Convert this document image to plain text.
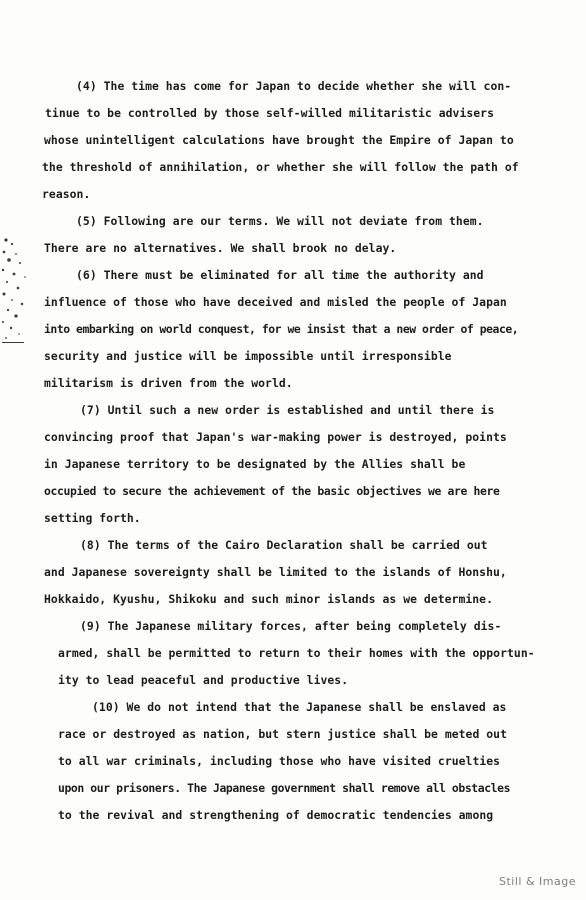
(4) The time has come for Japan to decide whether she will con-
tinue to be controlled by those self-willed militaristic advisers
whose unintelligent calculations have brought the Empire of Japan to
the threshold of annihilation, or whether she will follow the path of
reason.
(5) Following are our terms. We will not deviate from them.
There are no alternatives. We shall brook no delay.
(6) There must be eliminated for all time the authority and
influence of those who have deceived and misled the people of Japan
into embarking on world conquest, for we insist that a new order of peace,
security and justice will be impossible until irresponsible
militarism is driven from the world.
(7) Until such a new order is established and until there is
convincing proof that Japan's war-making power is destroyed, points
in Japanese territory to be designated by the Allies shall be
occupied to secure the achievement of the basic objectives we are here
setting forth.
(8) The terms of the Cairo Declaration shall be carried out
and Japanese sovereignty shall be limited to the islands of Honshu,
Hokkaido, Kyushu, Shikoku and such minor islands as we determine.
(9) The Japanese military forces, after being completely dis-
armed, shall be permitted to return to their homes with the opportun-
ity to lead peaceful and productive lives.
(10) We do not intend that the Japanese shall be enslaved as
race or destroyed as nation, but stern justice shall be meted out
to all war criminals, including those who have visited cruelties
upon our prisoners. The Japanese government shall remove all obstacles
to the revival and strengthening of democratic tendencies among
Still & Image
